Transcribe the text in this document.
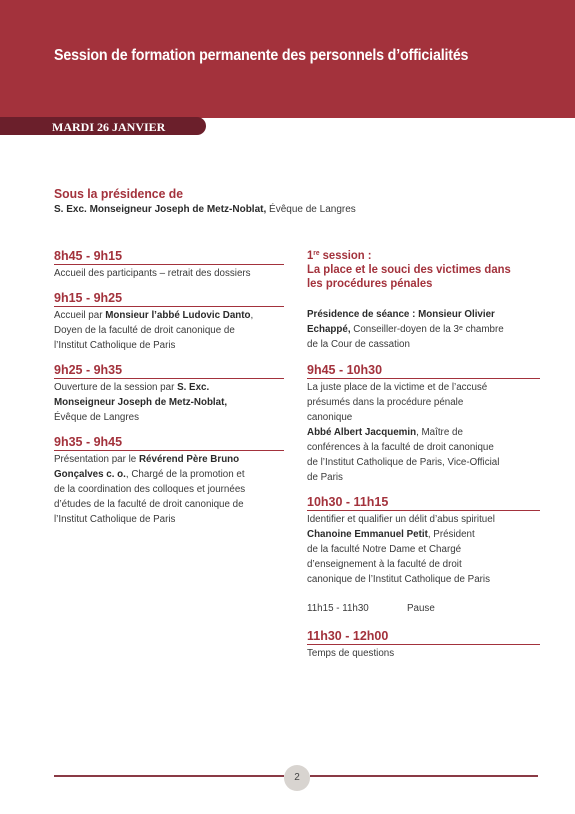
Session de formation permanente des personnels d’officialités
MARDI 26 JANVIER
Sous la présidence de
S. Exc. Monseigneur Joseph de Metz-Noblat, Évêque de Langres
8h45 - 9h15
Accueil des participants – retrait des dossiers
9h15 - 9h25
Accueil par Monsieur l’abbé Ludovic Danto,
Doyen de la faculté de droit canonique de
l’Institut Catholique de Paris
9h25 - 9h35
Ouverture de la session par S. Exc.
Monseigneur Joseph de Metz-Noblat,
Évêque de Langres
9h35 - 9h45
Présentation par le Révérend Père Bruno
Gonçalves c. o., Chargé de la promotion et
de la coordination des colloques et journées
d’études de la faculté de droit canonique de
l’Institut Catholique de Paris
1re session :
La place et le souci des victimes dans
les procédures pénales
Présidence de séance : Monsieur Olivier
Echappé, Conseiller-doyen de la 3e chambre
de la Cour de cassation
9h45 - 10h30
La juste place de la victime et de l’accusé
présumés dans la procédure pénale
canonique
Abbé Albert Jacquemin, Maître de
conférences à la faculté de droit canonique
de l’Institut Catholique de Paris, Vice-Official
de Paris
10h30 - 11h15
Identifier et qualifier un délit d’abus spirituel
Chanoine Emmanuel Petit, Président
de la faculté Notre Dame et Chargé
d’enseignement à la faculté de droit
canonique de l’Institut Catholique de Paris
11h15 - 11h30	Pause
11h30 - 12h00
Temps de questions
2
